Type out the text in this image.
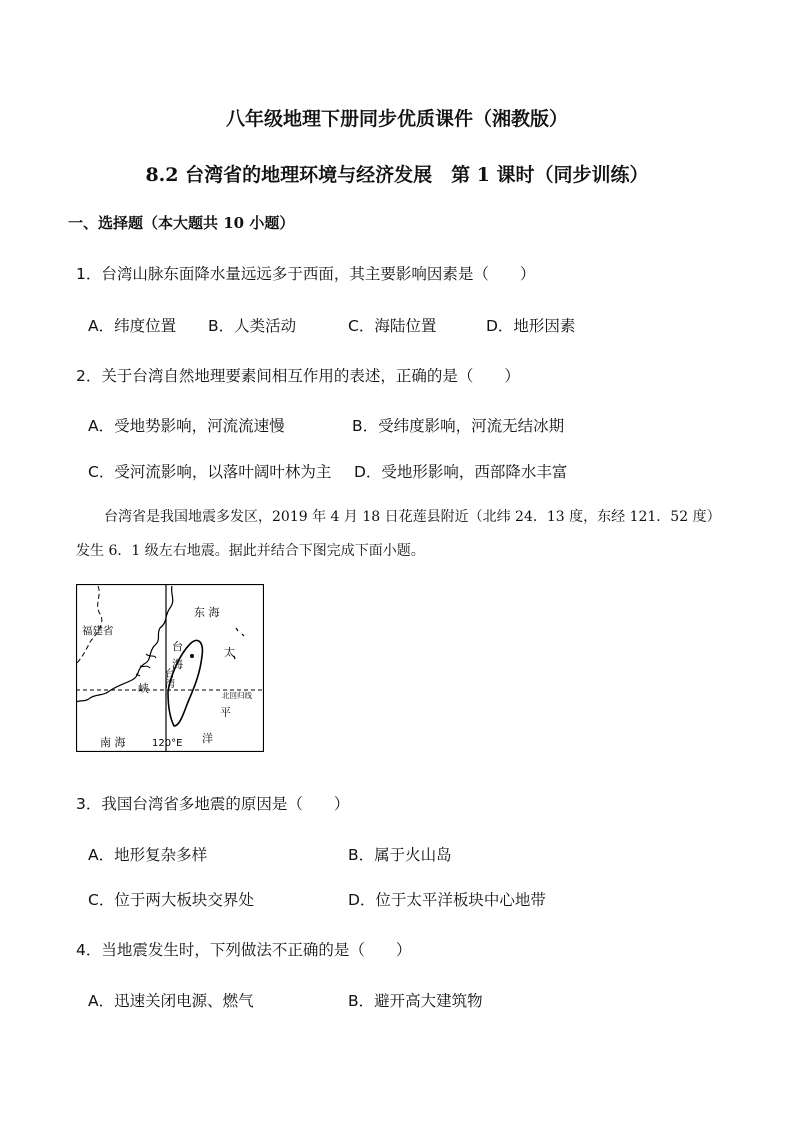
八年级地理下册同步优质课件（湘教版）
8.2 台湾省的地理环境与经济发展　第 1 课时（同步训练）
一、选择题（本大题共 10 小题）
1．台湾山脉东面降水量远远多于西面，其主要影响因素是（　　）
A．纬度位置 B．人类活动	C．海陆位置	D．地形因素
2．关于台湾自然地理要素间相互作用的表述，正确的是（　　）
A．受地势影响，河流流速慢	B．受纬度影响，河流无结冰期
C．受河流影响，以落叶阔叶林为主 D．受地形影响，西部降水丰富
台湾省是我国地震多发区，2019 年 4 月 18 日花莲县附近（北纬 24．13 度，东经 121．52 度）
发生 6．1 级左右地震。据此并结合下图完成下面小题。
东 海
福建省
台
海
峡
台湾
太
平
洋
北回归线
南 海	120°E
3．我国台湾省多地震的原因是（　　）
A．地形复杂多样	B．属于火山岛
C．位于两大板块交界处	D．位于太平洋板块中心地带
4．当地震发生时，下列做法不正确的是（　　）
A．迅速关闭电源、燃气	B．避开高大建筑物
